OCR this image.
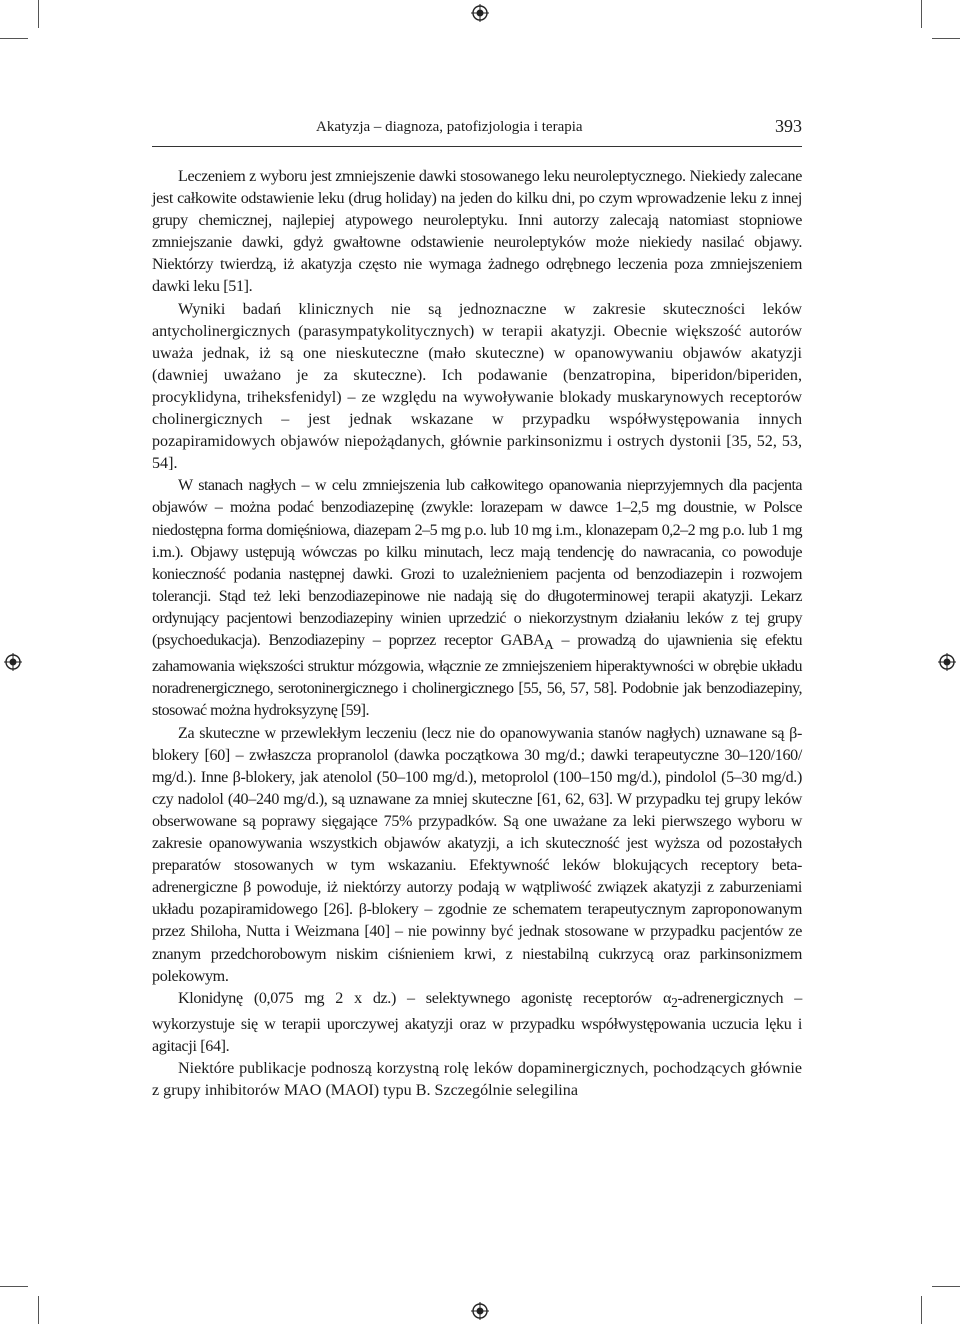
Akatyzja – diagnoza, patofizjologia i terapia	393

Leczeniem z wyboru jest zmniejszenie dawki stosowanego leku neuroleptycznego. Niekiedy zalecane jest całkowite odstawienie leku (drug holiday) na jeden do kilku dni, po czym wprowadzenie leku z innej grupy chemicznej, najlepiej atypowego neuroleptyku. Inni autorzy zalecają natomiast stopniowe zmniejszanie dawki, gdyż gwałtowne odstawienie neuroleptyków może niekiedy nasilać objawy. Niektórzy twierdzą, iż akatyzja często nie wymaga żadnego odrębnego leczenia poza zmniejszeniem dawki leku [51].

Wyniki badań klinicznych nie są jednoznaczne w zakresie skuteczności leków antycholinergicznych (parasympatykolitycznych) w terapii akatyzji. Obecnie większość autorów uważa jednak, iż są one nieskuteczne (mało skuteczne) w opanowywaniu objawów akatyzji (dawniej uważano je za skuteczne). Ich podawanie (benzatropina, biperidon/biperiden, procyklidyna, triheksfenidyl) – ze względu na wywoływanie blokady muskarynowych receptorów cholinergicznych – jest jednak wskazane w przypadku współwystępowania innych pozapiramidowych objawów niepożądanych, głównie parkinsonizmu i ostrych dystonii [35, 52, 53, 54].

W stanach nagłych – w celu zmniejszenia lub całkowitego opanowania nieprzyjemnych dla pacjenta objawów – można podać benzodiazepinę (zwykle: lorazepam w dawce 1–2,5 mg doustnie, w Polsce niedostępna forma domięśniowa, diazepam 2–5 mg p.o. lub 10 mg i.m., klonazepam 0,2–2 mg p.o. lub 1 mg i.m.). Objawy ustępują wówczas po kilku minutach, lecz mają tendencję do nawracania, co powoduje konieczność podania następnej dawki. Grozi to uzależnieniem pacjenta od benzodiazepin i rozwojem tolerancji. Stąd też leki benzodiazepinowe nie nadają się do długoterminowej terapii akatyzji. Lekarz ordynujący pacjentowi benzodiazepiny winien uprzedzić o niekorzystnym działaniu leków z tej grupy (psychoedukacja). Benzodiazepiny – poprzez receptor $GABA_A$ – prowadzą do ujawnienia się efektu zahamowania większości struktur mózgowia, włącznie ze zmniejszeniem hiperaktywności w obrębie układu noradrenergicznego, serotoninergicznego i cholinergicznego [55, 56, 57, 58]. Podobnie jak benzodiazepiny, stosować można hydroksyzynę [59].

Za skuteczne w przewlekłym leczeniu (lecz nie do opanowywania stanów nagłych) uznawane są β-blokery [60] – zwłaszcza propranolol (dawka początkowa 30 mg/d.; dawki terapeutyczne 30–120/160/ mg/d.). Inne β-blokery, jak atenolol (50–100 mg/d.), metoprolol (100–150 mg/d.), pindolol (5–30 mg/d.) czy nadolol (40–240 mg/d.), są uznawane za mniej skuteczne [61, 62, 63]. W przypadku tej grupy leków obserwowane są poprawy sięgające 75% przypadków. Są one uważane za leki pierwszego wyboru w zakresie opanowywania wszystkich objawów akatyzji, a ich skuteczność jest wyższa od pozostałych preparatów stosowanych w tym wskazaniu. Efektywność leków blokujących receptory beta-adrenergiczne β powoduje, iż niektórzy autorzy podają w wątpliwość związek akatyzji z zaburzeniami układu pozapiramidowego [26]. β-blokery – zgodnie ze schematem terapeutycznym zaproponowanym przez Shiloha, Nutta i Weizmana [40] – nie powinny być jednak stosowane w przypadku pacjentów ze znanym przedchorobowym niskim ciśnieniem krwi, z niestabilną cukrzycą oraz parkinsonizmem polekowym.

Klonidynę (0,075 mg 2 x dz.) – selektywnego agonistę receptorów $\alpha_2$-adrenergicznych – wykorzystuje się w terapii uporczywej akatyzji oraz w przypadku współwystępowania uczucia lęku i agitacji [64].

Niektóre publikacje podnoszą korzystną rolę leków dopaminergicznych, pochodzących głównie z grupy inhibitorów MAO (MAOI) typu B. Szczególnie selegilina
